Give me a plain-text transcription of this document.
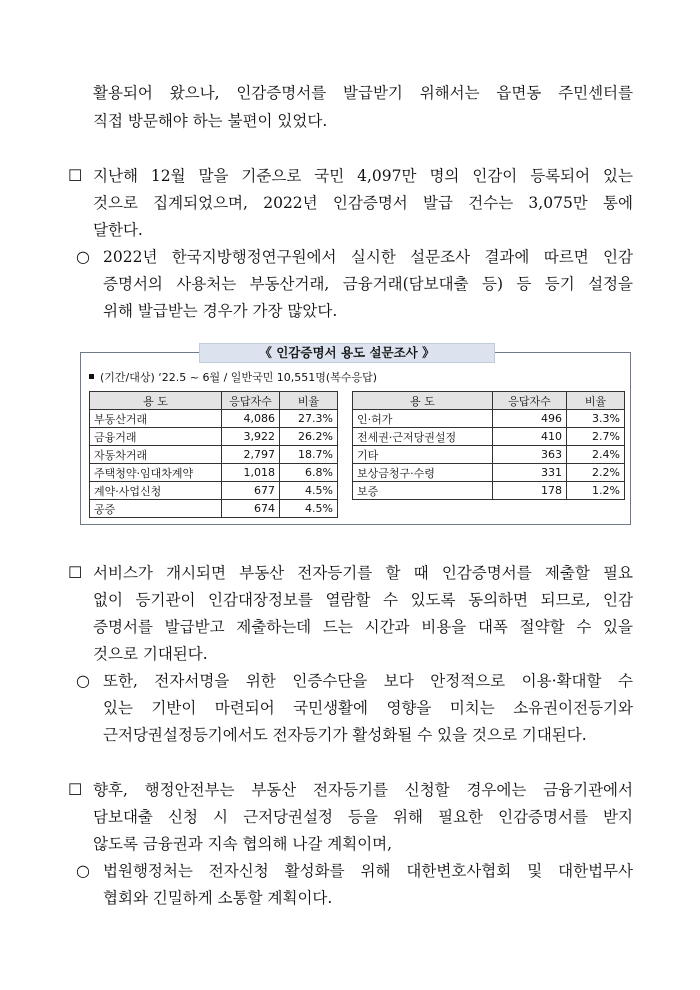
활용되어 왔으나, 인감증명서를 발급받기 위해서는 읍면동 주민센터를
직접 방문해야 하는 불편이 있었다.
☐ 지난해 12월 말을 기준으로 국민 4,097만 명의 인감이 등록되어 있는
것으로 집계되었으며, 2022년 인감증명서 발급 건수는 3,075만 통에
달한다.
○ 2022년 한국지방행정연구원에서 실시한 설문조사 결과에 따르면 인감
증명서의 사용처는 부동산거래, 금융거래(담보대출 등) 등 등기 설정을
위해 발급받는 경우가 가장 많았다.
《 인감증명서 용도 설문조사 》
(기간/대상) ‘22.5 ~ 6월 / 일반국민 10,551명(복수응답)
용 도	응답자수	비율
부동산거래	4,086	27.3%
금융거래	3,922	26.2%
자동차거래	2,797	18.7%
주택청약·임대차계약	1,018	6.8%
계약·사업신청	677	4.5%
공증	674	4.5%
용 도	응답자수	비율
인·허가	496	3.3%
전세권·근저당권설정	410	2.7%
기타	363	2.4%
보상금청구·수령	331	2.2%
보증	178	1.2%
☐ 서비스가 개시되면 부동산 전자등기를 할 때 인감증명서를 제출할 필요
없이 등기관이 인감대장정보를 열람할 수 있도록 동의하면 되므로, 인감
증명서를 발급받고 제출하는데 드는 시간과 비용을 대폭 절약할 수 있을
것으로 기대된다.
○ 또한, 전자서명을 위한 인증수단을 보다 안정적으로 이용·확대할 수
있는 기반이 마련되어 국민생활에 영향을 미치는 소유권이전등기와
근저당권설정등기에서도 전자등기가 활성화될 수 있을 것으로 기대된다.
☐ 향후, 행정안전부는 부동산 전자등기를 신청할 경우에는 금융기관에서
담보대출 신청 시 근저당권설정 등을 위해 필요한 인감증명서를 받지
않도록 금융권과 지속 협의해 나갈 계획이며,
○ 법원행정처는 전자신청 활성화를 위해 대한변호사협회 및 대한법무사
협회와 긴밀하게 소통할 계획이다.
